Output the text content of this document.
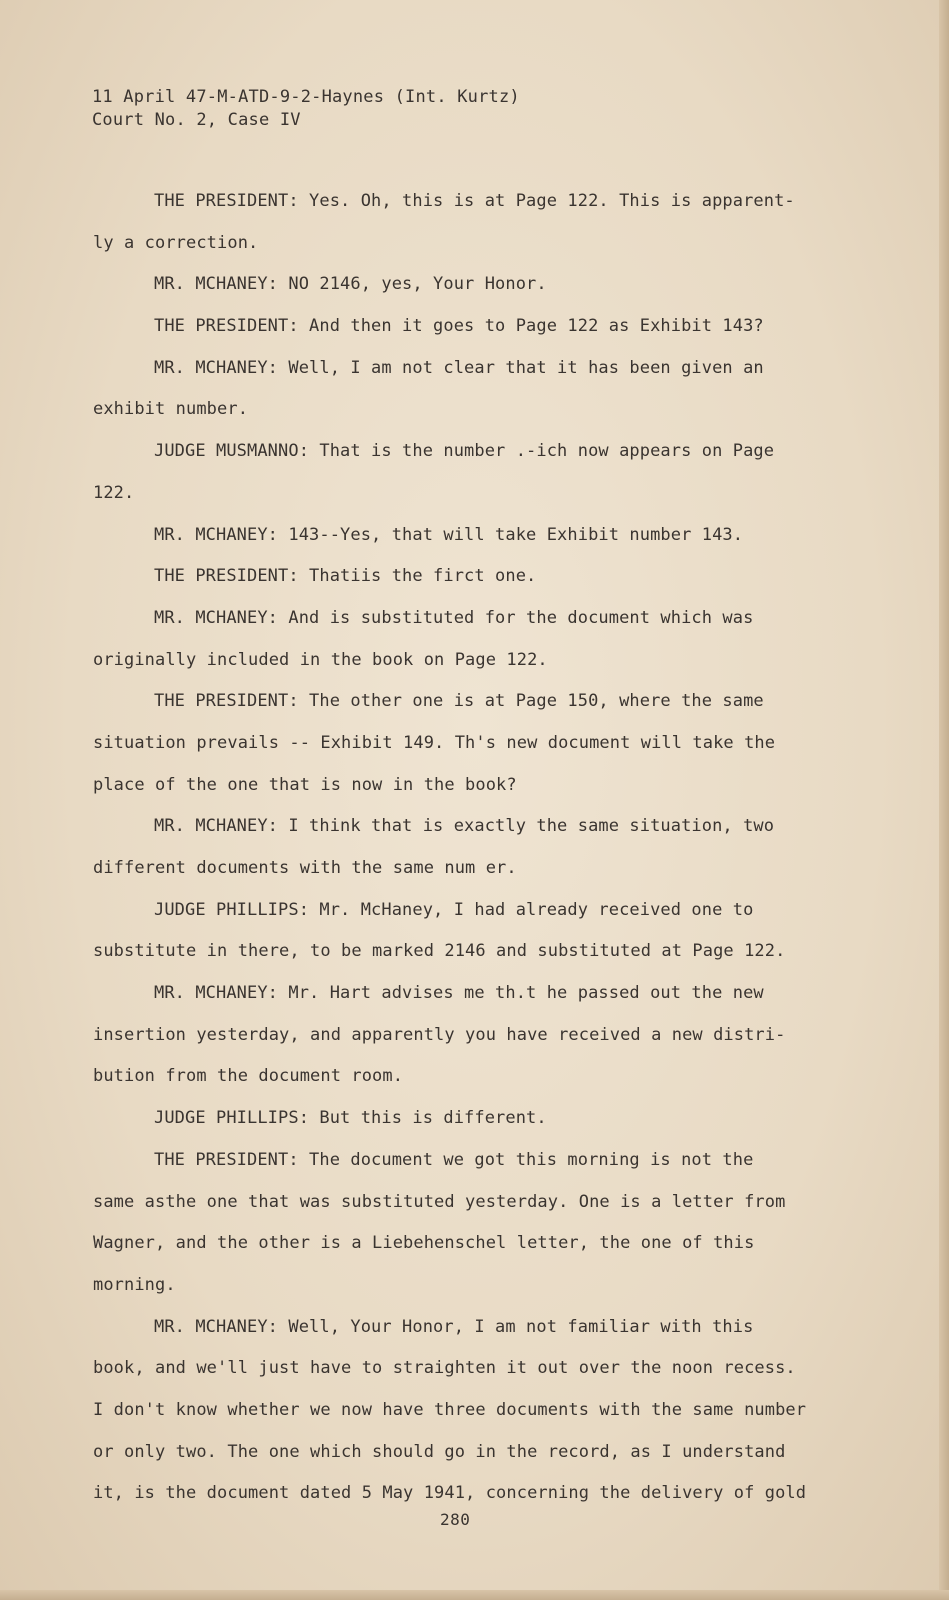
11 April 47-M-ATD-9-2-Haynes (Int. Kurtz)
Court No. 2, Case IV
THE PRESIDENT: Yes. Oh, this is at Page 122. This is apparent-
ly a correction.
MR. MCHANEY: NO 2146, yes, Your Honor.
THE PRESIDENT: And then it goes to Page 122 as Exhibit 143?
MR. MCHANEY: Well, I am not clear that it has been given an
exhibit number.
JUDGE MUSMANNO: That is the number .-ich now appears on Page
122.
MR. MCHANEY: 143--Yes, that will take Exhibit number 143.
THE PRESIDENT: Thatiis the firct one.
MR. MCHANEY: And is substituted for the document which was
originally included in the book on Page 122.
THE PRESIDENT: The other one is at Page 150, where the same
situation prevails -- Exhibit 149. Th's new document will take the
place of the one that is now in the book?
MR. MCHANEY: I think that is exactly the same situation, two
different documents with the same num er.
JUDGE PHILLIPS: Mr. McHaney, I had already received one to
substitute in there, to be marked 2146 and substituted at Page 122.
MR. MCHANEY: Mr. Hart advises me th.t he passed out the new
insertion yesterday, and apparently you have received a new distri-
bution from the document room.
JUDGE PHILLIPS: But this is different.
THE PRESIDENT: The document we got this morning is not the
same asthe one that was substituted yesterday. One is a letter from
Wagner, and the other is a Liebehenschel letter, the one of this
morning.
MR. MCHANEY: Well, Your Honor, I am not familiar with this
book, and we'll just have to straighten it out over the noon recess.
I don't know whether we now have three documents with the same number
or only two. The one which should go in the record, as I understand
it, is the document dated 5 May 1941, concerning the delivery of gold
280
